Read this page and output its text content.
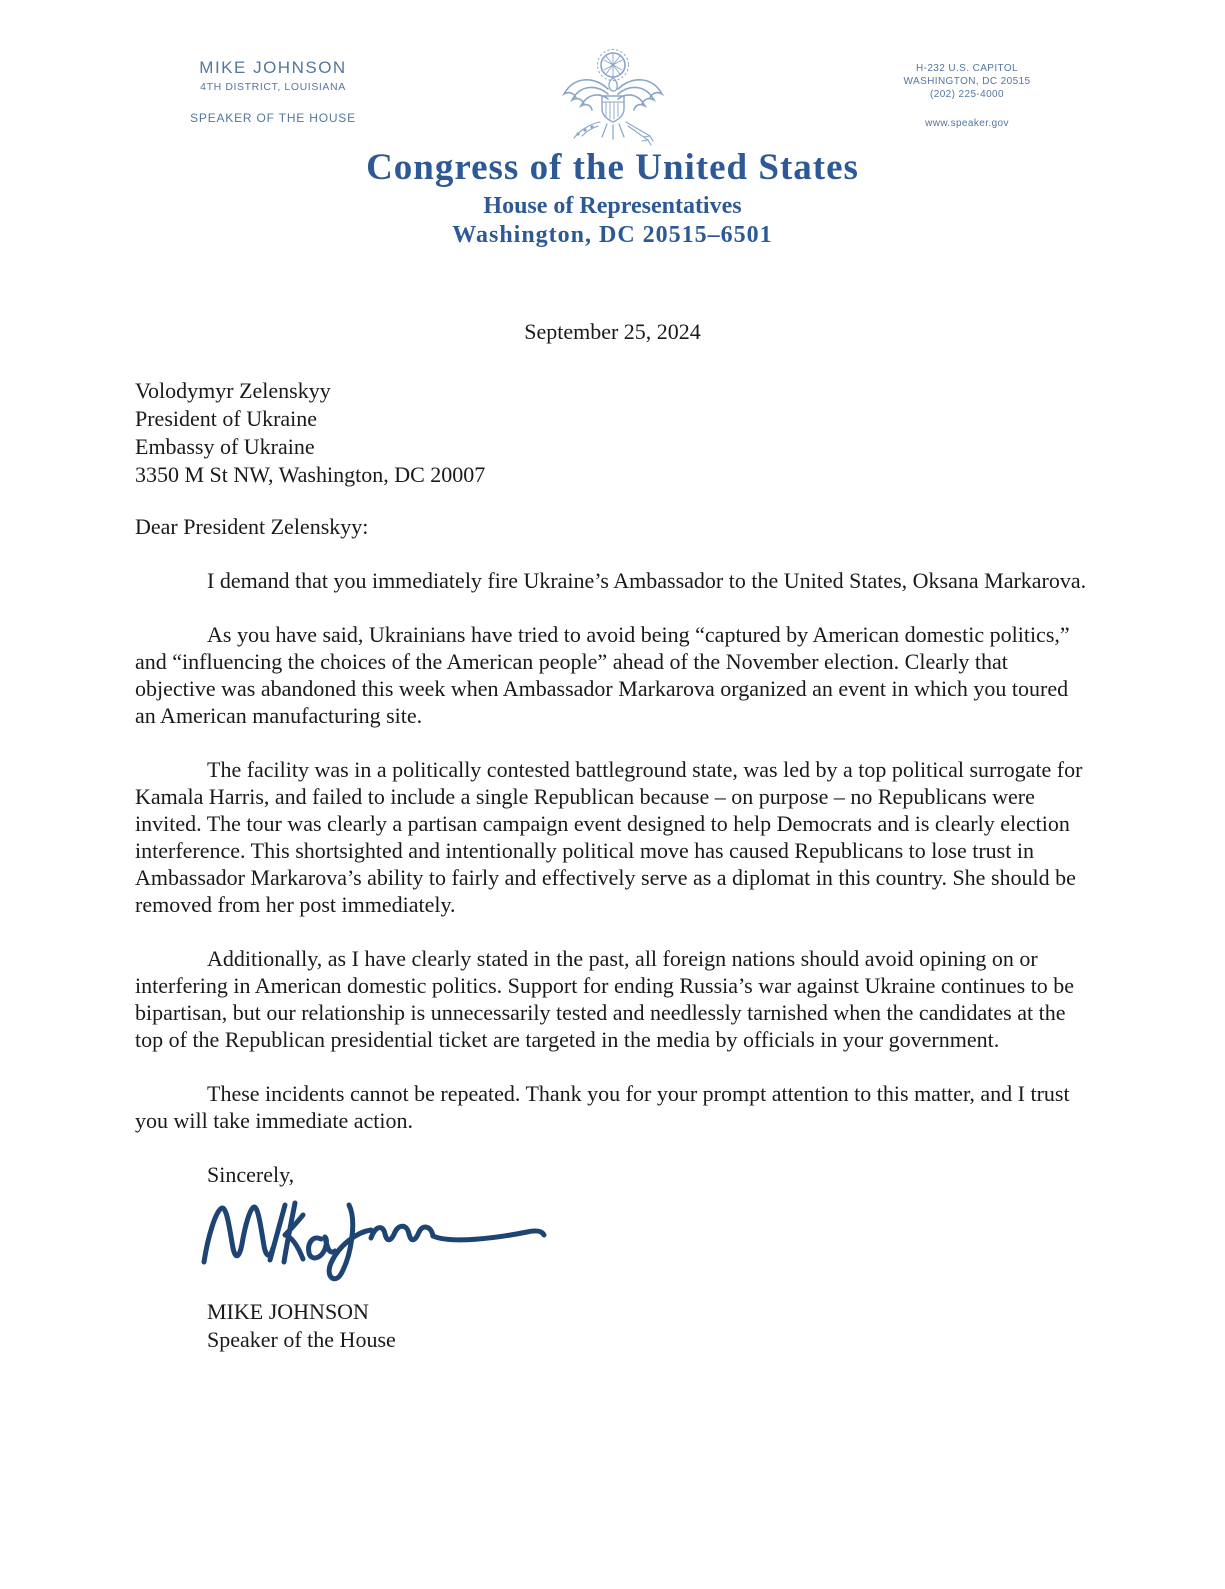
MIKE JOHNSON
4TH DISTRICT, LOUISIANA
SPEAKER OF THE HOUSE
H-232 U.S. CAPITOL
WASHINGTON, DC 20515
(202) 225-4000
www.speaker.gov
Congress of the United States
House of Representatives
Washington, DC 20515–6501
September 25, 2024
Volodymyr Zelenskyy
President of Ukraine
Embassy of Ukraine
3350 M St NW, Washington, DC 20007
Dear President Zelenskyy:

I demand that you immediately fire Ukraine’s Ambassador to the United States, Oksana Markarova.

As you have said, Ukrainians have tried to avoid being “captured by American domestic politics,” and “influencing the choices of the American people” ahead of the November election. Clearly that objective was abandoned this week when Ambassador Markarova organized an event in which you toured an American manufacturing site.

The facility was in a politically contested battleground state, was led by a top political surrogate for Kamala Harris, and failed to include a single Republican because – on purpose – no Republicans were invited. The tour was clearly a partisan campaign event designed to help Democrats and is clearly election interference. This shortsighted and intentionally political move has caused Republicans to lose trust in Ambassador Markarova’s ability to fairly and effectively serve as a diplomat in this country. She should be removed from her post immediately.

Additionally, as I have clearly stated in the past, all foreign nations should avoid opining on or interfering in American domestic politics. Support for ending Russia’s war against Ukraine continues to be bipartisan, but our relationship is unnecessarily tested and needlessly tarnished when the candidates at the top of the Republican presidential ticket are targeted in the media by officials in your government.

These incidents cannot be repeated. Thank you for your prompt attention to this matter, and I trust you will take immediate action.

Sincerely,
MIKE JOHNSON
Speaker of the House
